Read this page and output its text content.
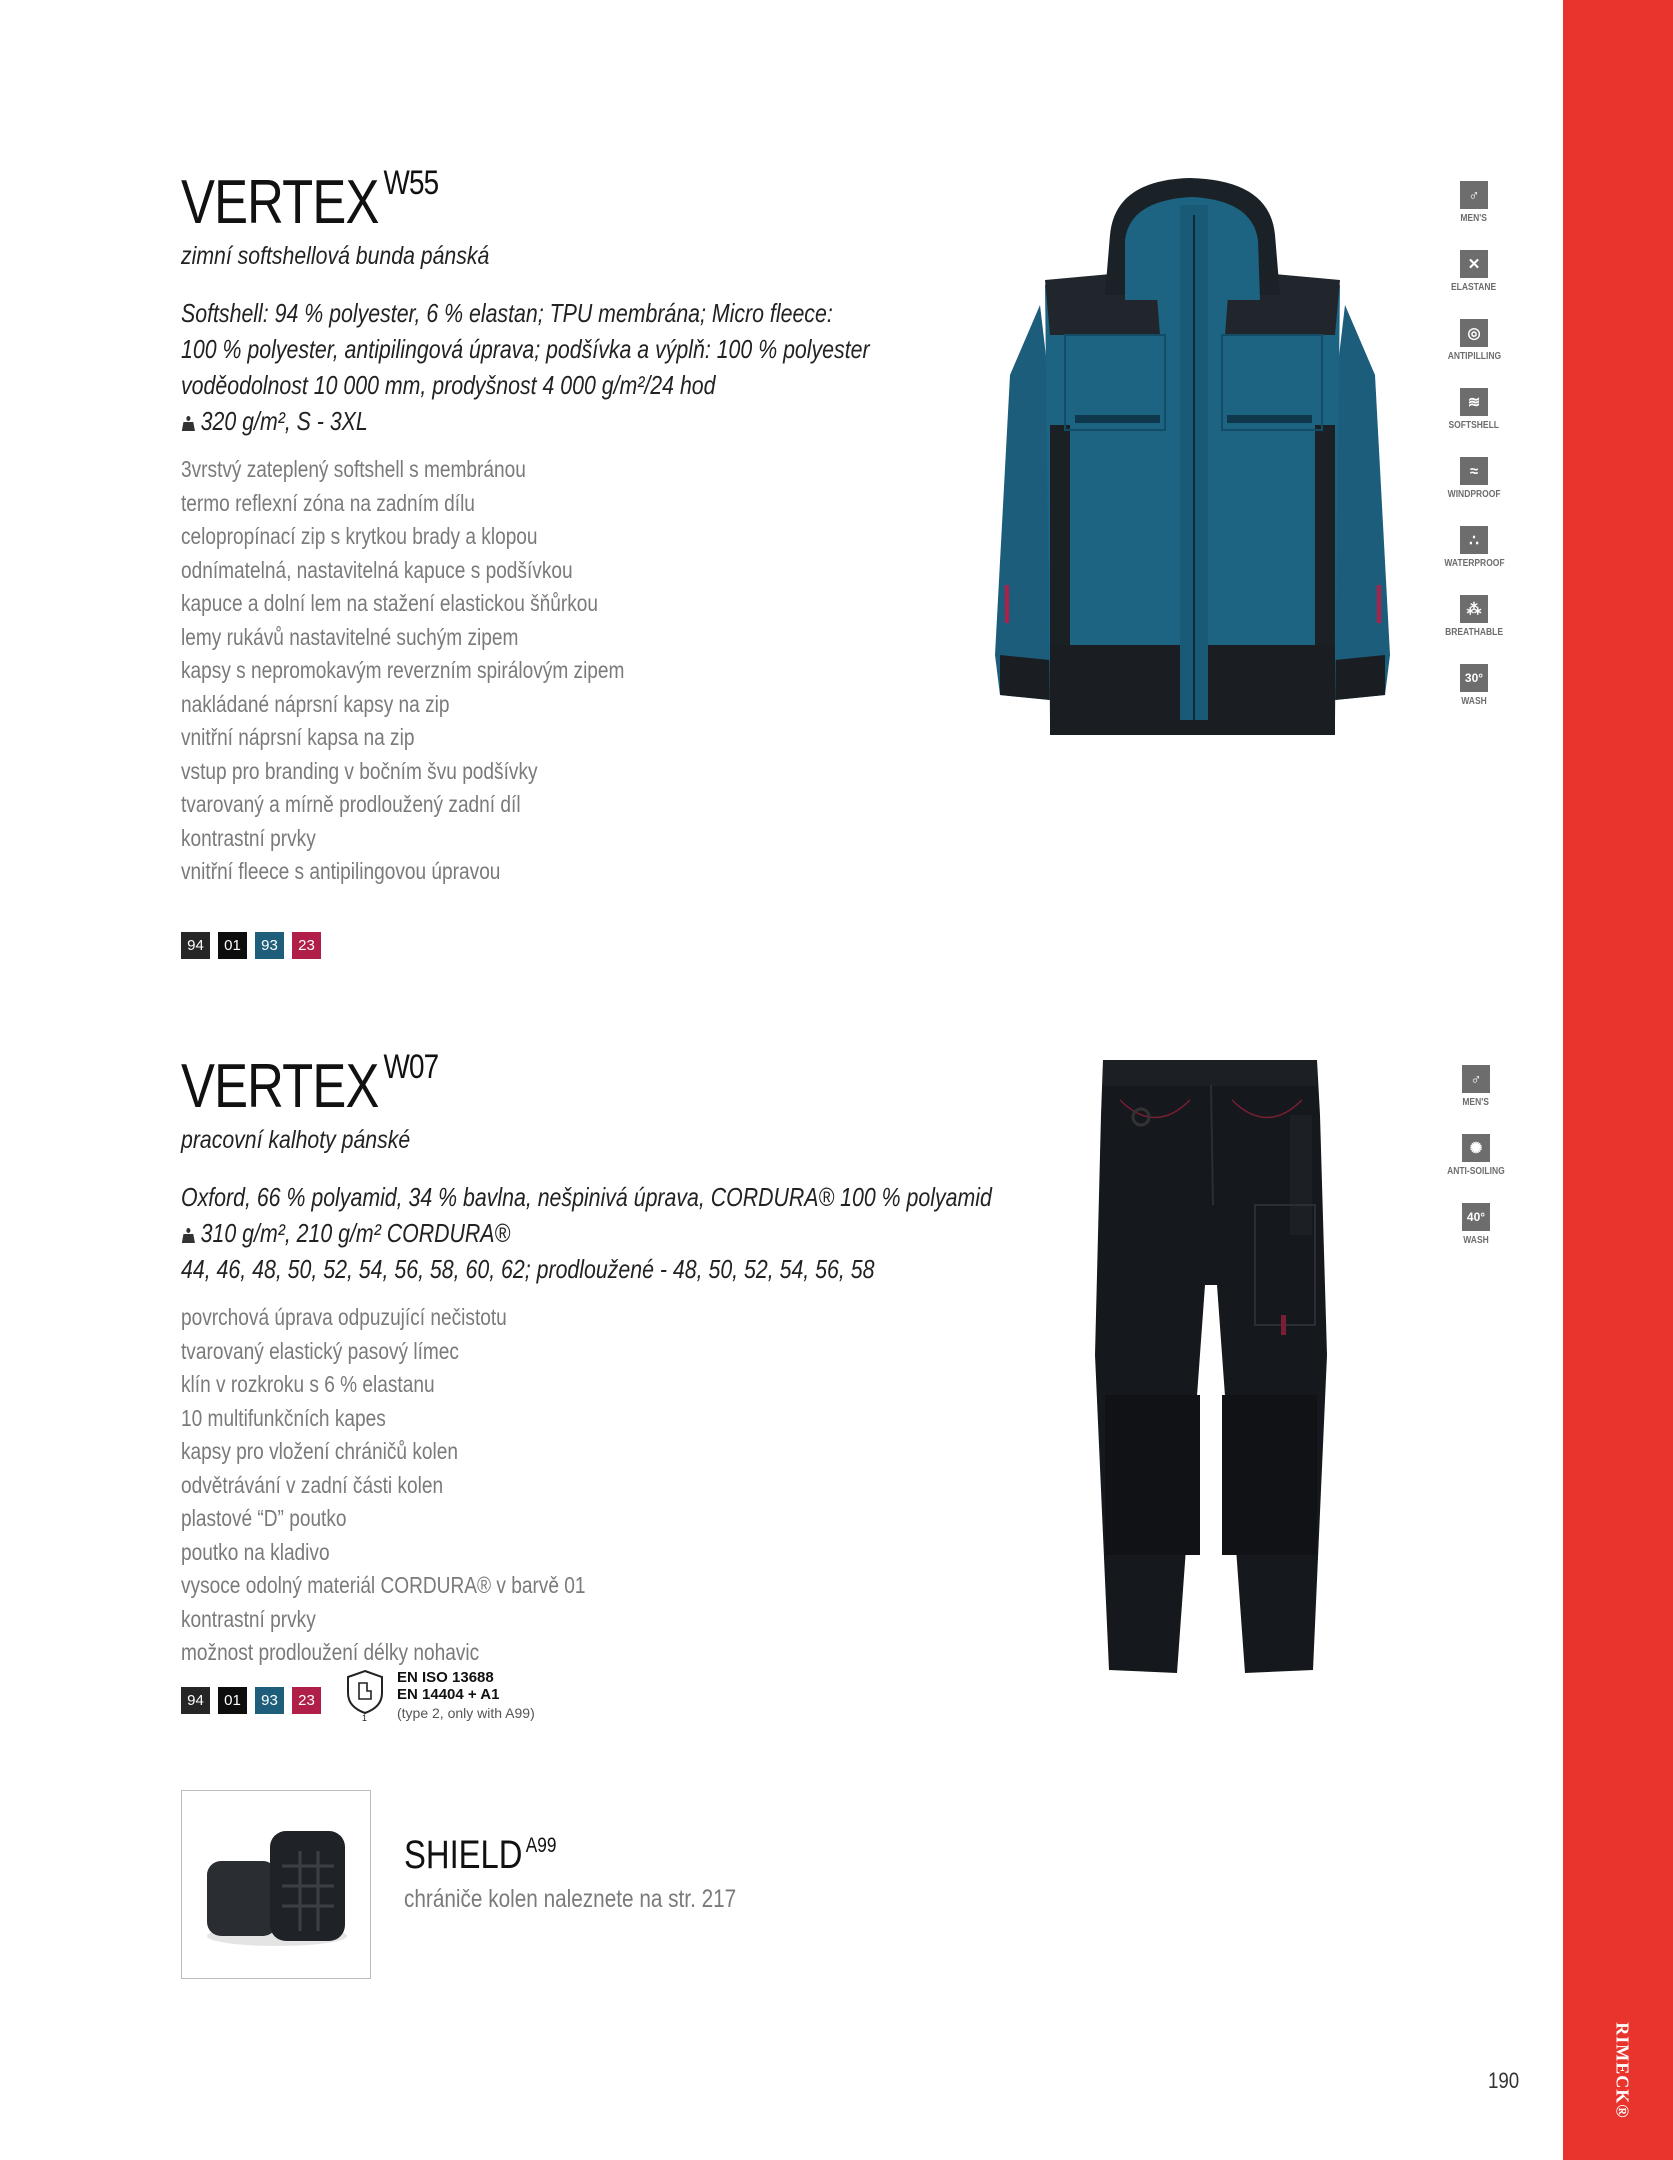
RIMECK®
190
VERTEX $^{W55}$
zimní softshellová bunda pánská
Softshell: 94 % polyester, 6 % elastan; TPU membrána; Micro fleece:
100 % polyester, antipilingová úprava; podšívka a výplň: 100 % polyester
voděodolnost 10 000 mm, prodyšnost 4 000 g/m²/24 hod
320 g/m², S - 3XL
3vrstvý zateplený softshell s membránou
termo reflexní zóna na zadním dílu
celopropínací zip s krytkou brady a klopou
odnímatelná, nastavitelná kapuce s podšívkou
kapuce a dolní lem na stažení elastickou šňůrkou
lemy rukávů nastavitelné suchým zipem
kapsy s nepromokavým reverzním spirálovým zipem
nakládané náprsní kapsy na zip
vnitřní náprsní kapsa na zip
vstup pro branding v bočním švu podšívky
tvarovaný a mírně prodloužený zadní díl
kontrastní prvky
vnitřní fleece s antipilingovou úpravou
94	01	93	23
♂
MEN'S
✕
ELASTANE
◎
ANTIPILLING
≋
SOFTSHELL
≈
WINDPROOF
∴
WATERPROOF
⁂
BREATHABLE
30°
WASH
VERTEX $^{W07}$
pracovní kalhoty pánské
Oxford, 66 % polyamid, 34 % bavlna, nešpinivá úprava, CORDURA® 100 % polyamid
310 g/m², 210 g/m² CORDURA®
44, 46, 48, 50, 52, 54, 56, 58, 60, 62; prodloužené - 48, 50, 52, 54, 56, 58
povrchová úprava odpuzující nečistotu
tvarovaný elastický pasový límec
klín v rozkroku s 6 % elastanu
10 multifunkčních kapes
kapsy pro vložení chráničů kolen
odvětrávání v zadní části kolen
plastové “D” poutko
poutko na kladivo
vysoce odolný materiál CORDURA® v barvě 01
kontrastní prvky
možnost prodloužení délky nohavic
94	01	93	23
1
EN ISO 13688
EN 14404 + A1
(type 2, only with A99)
♂
MEN'S
✺
ANTI-SOILING
40°
WASH
SHIELD $^{A99}$
chrániče kolen naleznete na str. 217
